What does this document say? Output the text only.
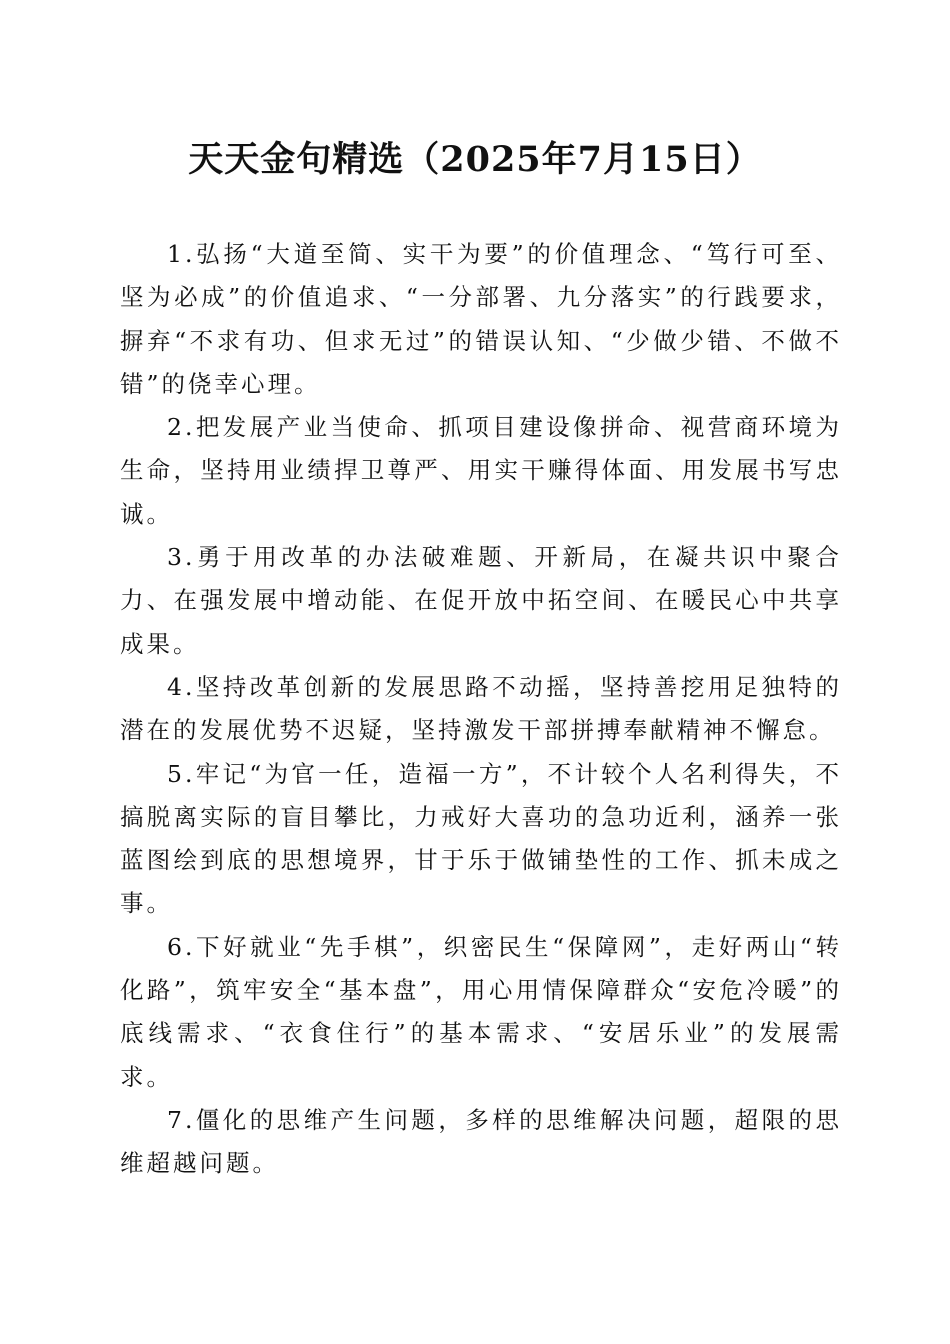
天天金句精选（2025年7月15日）

1.弘扬“大道至简、实干为要”的价值理念、“笃行可至、坚为必成”的价值追求、“一分部署、九分落实”的行践要求，摒弃“不求有功、但求无过”的错误认知、“少做少错、不做不错”的侥幸心理。

2.把发展产业当使命、抓项目建设像拼命、视营商环境为生命，坚持用业绩捍卫尊严、用实干赚得体面、用发展书写忠诚。

3.勇于用改革的办法破难题、开新局，在凝共识中聚合力、在强发展中增动能、在促开放中拓空间、在暖民心中共享成果。

4.坚持改革创新的发展思路不动摇，坚持善挖用足独特的潜在的发展优势不迟疑，坚持激发干部拼搏奉献精神不懈怠。

5.牢记“为官一任，造福一方”，不计较个人名利得失，不搞脱离实际的盲目攀比，力戒好大喜功的急功近利，涵养一张蓝图绘到底的思想境界，甘于乐于做铺垫性的工作、抓未成之事。

6.下好就业“先手棋”，织密民生“保障网”，走好两山“转化路”，筑牢安全“基本盘”，用心用情保障群众“安危冷暖”的底线需求、“衣食住行”的基本需求、“安居乐业”的发展需求。

7.僵化的思维产生问题，多样的思维解决问题，超限的思维超越问题。
